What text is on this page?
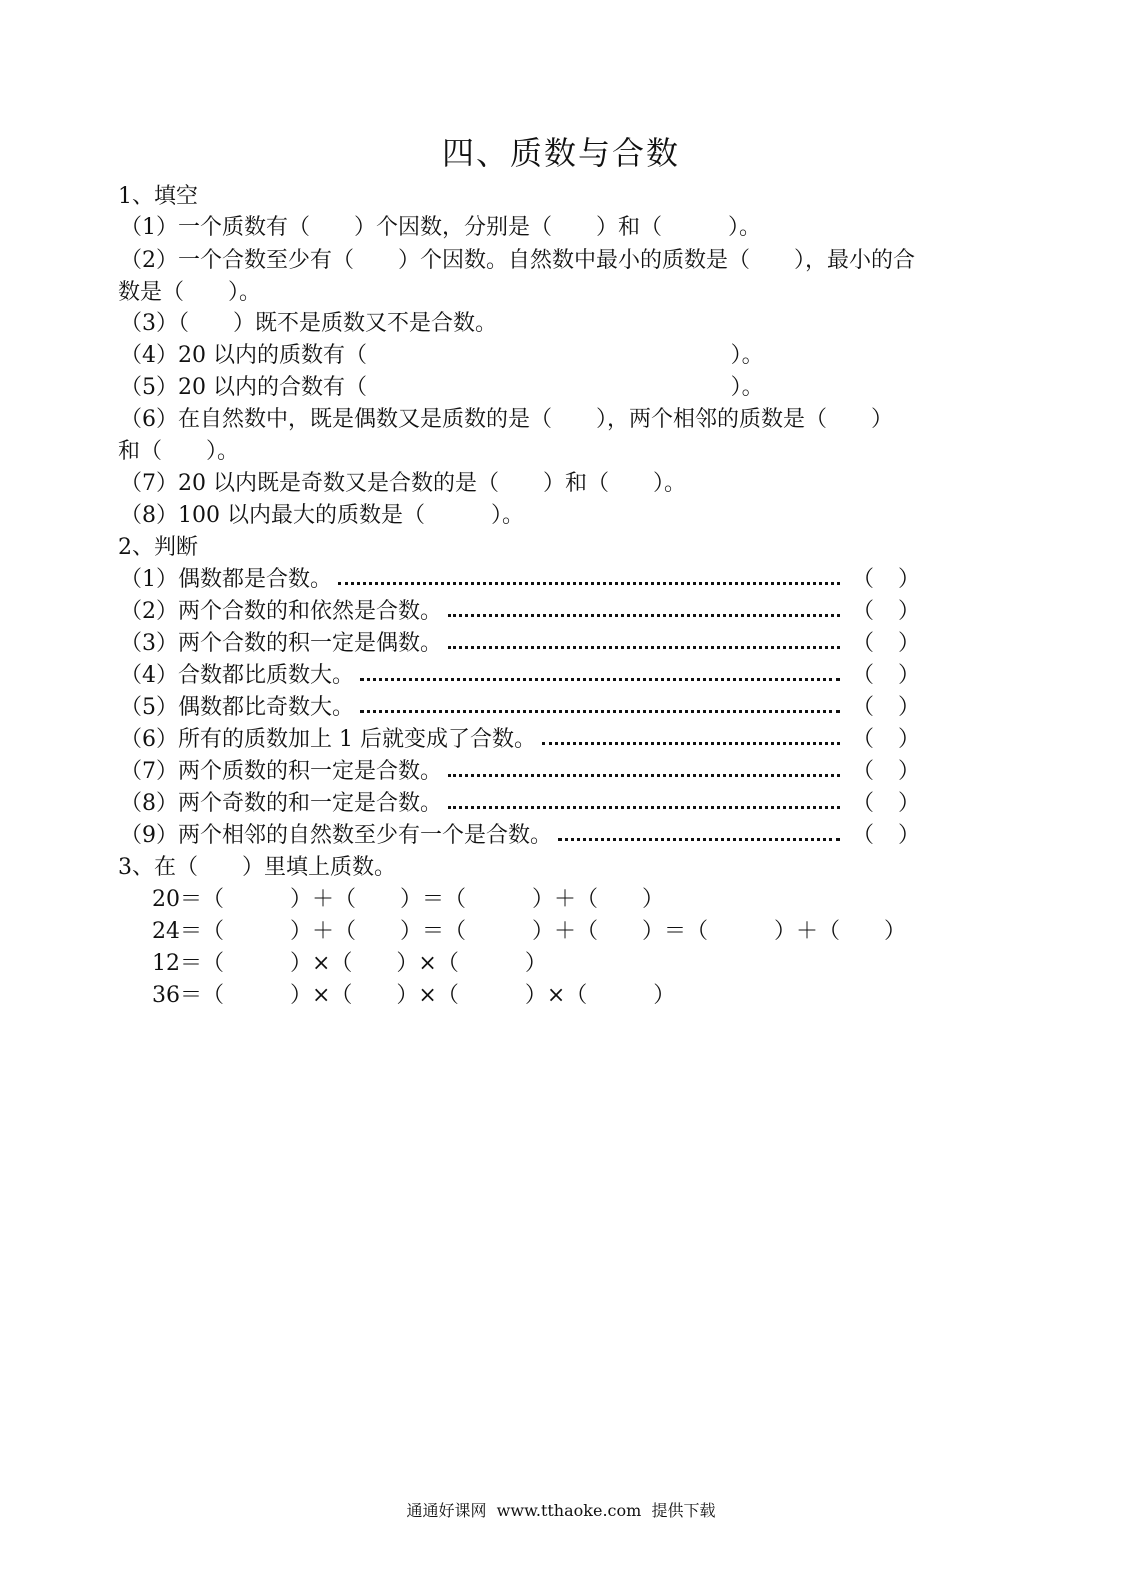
四、质数与合数
1、填空
（1）一个质数有（　　）个因数，分别是（　　）和（　　　）。
（2）一个合数至少有（　　）个因数。自然数中最小的质数是（　　），最小的合
数是（　　）。
（3）（　　）既不是质数又不是合数。
（4）20 以内的质数有（                                                    ）。
（5）20 以内的合数有（                                                    ）。
（6）在自然数中，既是偶数又是质数的是（　　），两个相邻的质数是（　　）
和（　　）。
（7）20 以内既是奇数又是合数的是（　　）和（　　）。
（8）100 以内最大的质数是（　　　）。
2、判断
（1）偶数都是合数。	（ ）
（2）两个合数的和依然是合数。	（ ）
（3）两个合数的积一定是偶数。	（ ）
（4）合数都比质数大。	（ ）
（5）偶数都比奇数大。	（ ）
（6）所有的质数加上 1 后就变成了合数。	（ ）
（7）两个质数的积一定是合数。	（ ）
（8）两个奇数的和一定是合数。	（ ）
（9）两个相邻的自然数至少有一个是合数。	（ ）
3、在（　　）里填上质数。
20＝（　　　）＋（　　）＝（　　　）＋（　　）
24＝（　　　）＋（　　）＝（　　　）＋（　　）＝（　　　）＋（　　）
12＝（　　　）×（　　）×（　　　）
36＝（　　　）×（　　）×（　　　）×（　　　）
通通好课网  www.tthaoke.com  提供下载
